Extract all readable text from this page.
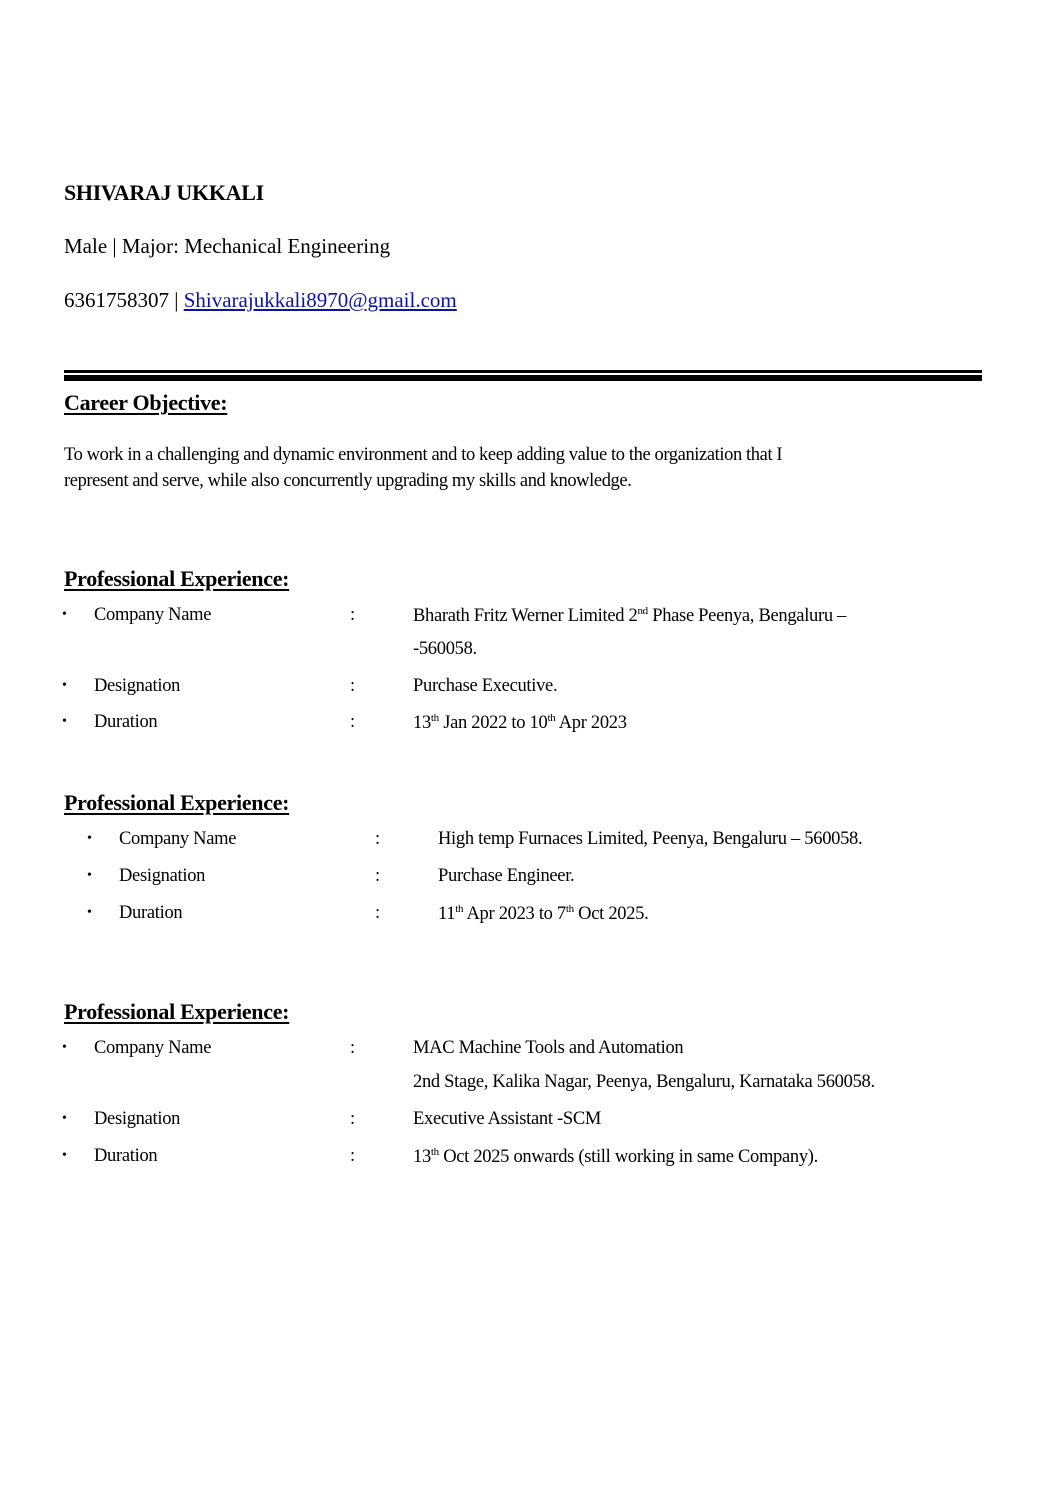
SHIVARAJ UKKALI
Male | Major: Mechanical Engineering
6361758307 | Shivarajukkali8970@gmail.com
Career Objective:
To work in a challenging and dynamic environment and to keep adding value to the organization that I
represent and serve, while also concurrently upgrading my skills and knowledge.
Professional Experience:
• Company Name	:	Bharath Fritz Werner Limited 2nd Phase Peenya, Bengaluru –
-560058.
• Designation	:	Purchase Executive.
• Duration	:	13th Jan 2022 to 10th Apr 2023
Professional Experience:
• Company Name	:	High temp Furnaces Limited, Peenya, Bengaluru – 560058.
• Designation	:	Purchase Engineer.
• Duration	:	11th Apr 2023 to 7th Oct 2025.
Professional Experience:
• Company Name	:	MAC Machine Tools and Automation
2nd Stage, Kalika Nagar, Peenya, Bengaluru, Karnataka 560058.
• Designation	:	Executive Assistant -SCM
• Duration	:	13th Oct 2025 onwards (still working in same Company).
